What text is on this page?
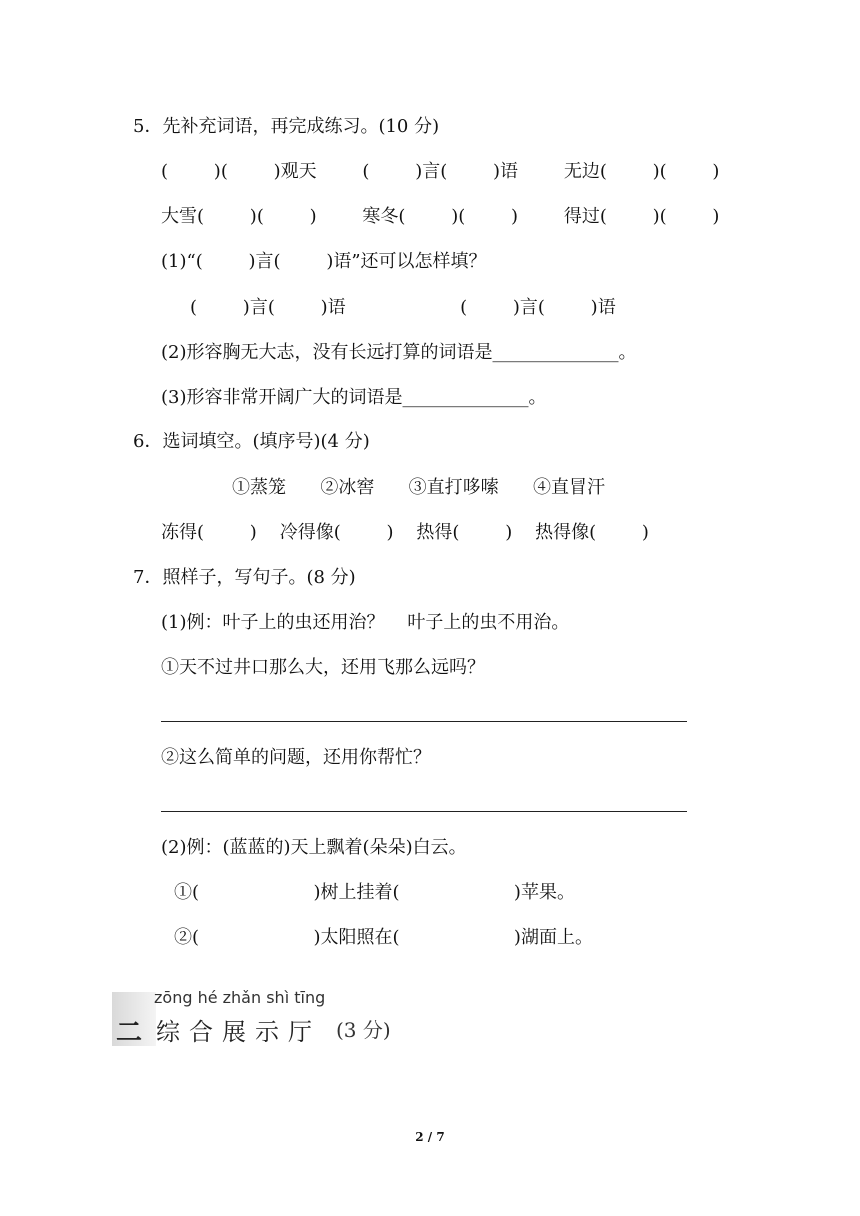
5．先补充词语，再完成练习。(10 分)
(        )(        )观天        (        )言(        )语        无边(        )(        )
大雪(        )(        )        寒冬(        )(        )        得过(        )(        )
(1)“(        )言(        )语”还可以怎样填？
(        )言(        )语                    (        )言(        )语
(2)形容胸无大志，没有长远打算的词语是______________。
(3)形容非常开阔广大的词语是______________。
6．选词填空。(填序号)(4 分)
①蒸笼      ②冰窖      ③直打哆嗦      ④直冒汗
冻得(        )    冷得像(        )    热得(        )    热得像(        )
7．照样子，写句子。(8 分)
(1)例：叶子上的虫还用治？    叶子上的虫不用治。
①天不过井口那么大，还用飞那么远吗？
②这么简单的问题，还用你帮忙？
(2)例：(蓝蓝的)天上飘着(朵朵)白云。
①(                    )树上挂着(                    )苹果。
②(                    )太阳照在(                    )湖面上。
zōng hé zhǎn shì tīng
二 综合展示厅 (3 分)
2 / 7
